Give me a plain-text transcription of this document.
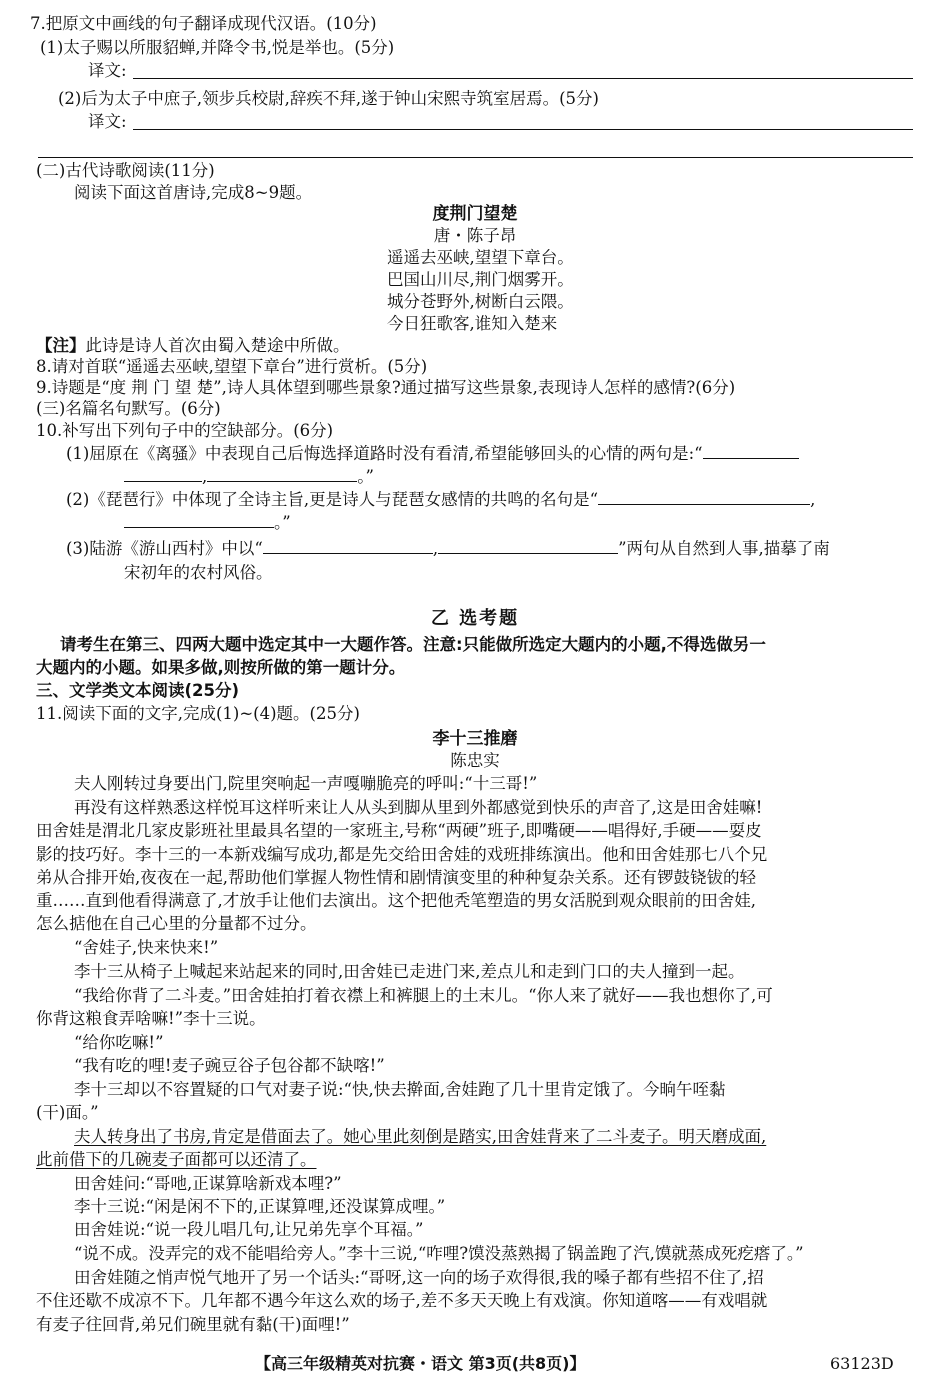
7.把原文中画线的句子翻译成现代汉语。(10分)
(1)太子赐以所服貂蝉,并降令书,悦是举也。(5分)
译文:
(2)后为太子中庶子,领步兵校尉,辞疾不拜,遂于钟山宋熙寺筑室居焉。(5分)
译文:
(二)古代诗歌阅读(11分)
阅读下面这首唐诗,完成8~9题。
度荆门望楚
唐・陈子昂
遥遥去巫峡,望望下章台。
巴国山川尽,荆门烟雾开。
城分苍野外,树断白云隈。
今日狂歌客,谁知入楚来
【注】此诗是诗人首次由蜀入楚途中所做。
8.请对首联“遥遥去巫峡,望望下章台”进行赏析。(5分)
9.诗题是“度 荆 门 望 楚”,诗人具体望到哪些景象?通过描写这些景象,表现诗人怎样的感情?(6分)
(三)名篇名句默写。(6分)
10.补写出下列句子中的空缺部分。(6分)
(1)屈原在《离骚》中表现自己后悔选择道路时没有看清,希望能够回头的心情的两句是:“
,	。”
(2)《琵琶行》中体现了全诗主旨,更是诗人与琵琶女感情的共鸣的名句是“	,
。”
(3)陆游《游山西村》中以“	,	”两句从自然到人事,描摹了南
宋初年的农村风俗。
乙 选考题
请考生在第三、四两大题中选定其中一大题作答。注意:只能做所选定大题内的小题,不得选做另一
大题内的小题。如果多做,则按所做的第一题计分。
三、文学类文本阅读(25分)
11.阅读下面的文字,完成(1)~(4)题。(25分)
李十三推磨
陈忠实
夫人刚转过身要出门,院里突响起一声嘎嘣脆亮的呼叫:“十三哥!”
再没有这样熟悉这样悦耳这样听来让人从头到脚从里到外都感觉到快乐的声音了,这是田舍娃嘛!
田舍娃是渭北几家皮影班社里最具名望的一家班主,号称“两硬”班子,即嘴硬——唱得好,手硬——耍皮
影的技巧好。李十三的一本新戏编写成功,都是先交给田舍娃的戏班排练演出。他和田舍娃那七八个兄
弟从合排开始,夜夜在一起,帮助他们掌握人物性情和剧情演变里的种种复杂关系。还有锣鼓铙钹的轻
重……直到他看得满意了,才放手让他们去演出。这个把他秃笔塑造的男女活脱到观众眼前的田舍娃,
怎么掂他在自己心里的分量都不过分。
“舍娃子,快来快来!”
李十三从椅子上喊起来站起来的同时,田舍娃已走进门来,差点儿和走到门口的夫人撞到一起。
“我给你背了二斗麦。”田舍娃拍打着衣襟上和裤腿上的土末儿。“你人来了就好——我也想你了,可
你背这粮食弄啥嘛!”李十三说。
“给你吃嘛!”
“我有吃的哩!麦子豌豆谷子包谷都不缺喀!”
李十三却以不容置疑的口气对妻子说:“快,快去擀面,舍娃跑了几十里肯定饿了。今晌午咥黏
(干)面。”
夫人转身出了书房,肯定是借面去了。她心里此刻倒是踏实,田舍娃背来了二斗麦子。明天磨成面,
此前借下的几碗麦子面都可以还清了。
田舍娃问:“哥吔,正谋算啥新戏本哩?”
李十三说:“闲是闲不下的,正谋算哩,还没谋算成哩。”
田舍娃说:“说一段儿唱几句,让兄弟先享个耳福。”
“说不成。没弄完的戏不能唱给旁人。”李十三说,“咋哩?馍没蒸熟揭了锅盖跑了汽,馍就蒸成死疙瘩了。”
田舍娃随之悄声悦气地开了另一个话头:“哥呀,这一向的场子欢得很,我的嗓子都有些招不住了,招
不住还歇不成凉不下。几年都不遇今年这么欢的场子,差不多天天晚上有戏演。你知道喀——有戏唱就
有麦子往回背,弟兄们碗里就有黏(干)面哩!”
【高三年级精英对抗赛・语文 第3页(共8页)】	63123D
